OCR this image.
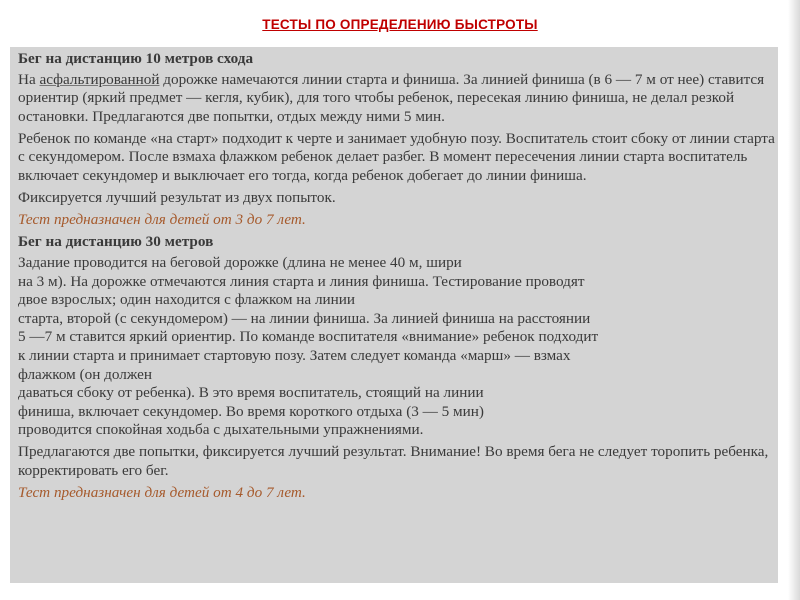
ТЕСТЫ ПО ОПРЕДЕЛЕНИЮ БЫСТРОТЫ

Бег на дистанцию 10 метров схода

На асфальтированной дорожке намечаются линии старта и финиша. За линией финиша (в 6 — 7 м от нее) ставится ориентир (яркий предмет — кегля, кубик), для того чтобы ребенок, пересекая линию финиша, не делал резкой остановки. Предлагаются две попытки, отдых между ними 5 мин.

Ребенок по команде «на старт» подходит к черте и занимает удобную позу. Воспитатель стоит сбоку от линии старта с секундомером. После взмаха флажком ребенок делает разбег. В момент пересечения линии старта воспитатель включает секундомер и выключает его тогда, когда ребенок добегает до линии финиша.

Фиксируется лучший результат из двух попыток.

Тест предназначен для детей от 3 до 7 лет.

Бег на дистанцию 30 метров

Задание проводится на беговой дорожке (длина не менее 40 м, шири
на 3 м). На дорожке отмечаются линия старта и линия финиша. Тестирование проводят
двое взрослых; один находится с флажком на линии
старта, второй (с секундомером) — на линии финиша. За линией финиша на расстоянии
5 —7 м ставится яркий ориентир. По команде воспитателя «внимание» ребенок подходит
к линии старта и принимает стартовую позу. Затем следует команда «марш» — взмах
флажком (он должен
даваться сбоку от ребенка). В это время воспитатель, стоящий на линии
финиша, включает секундомер. Во время короткого отдыха (3 — 5 мин)
проводится спокойная ходьба с дыхательными упражнениями.

Предлагаются две попытки, фиксируется лучший результат. Внимание! Во время бега не следует торопить ребенка, корректировать его бег.

Тест предназначен для детей от 4 до 7 лет.
